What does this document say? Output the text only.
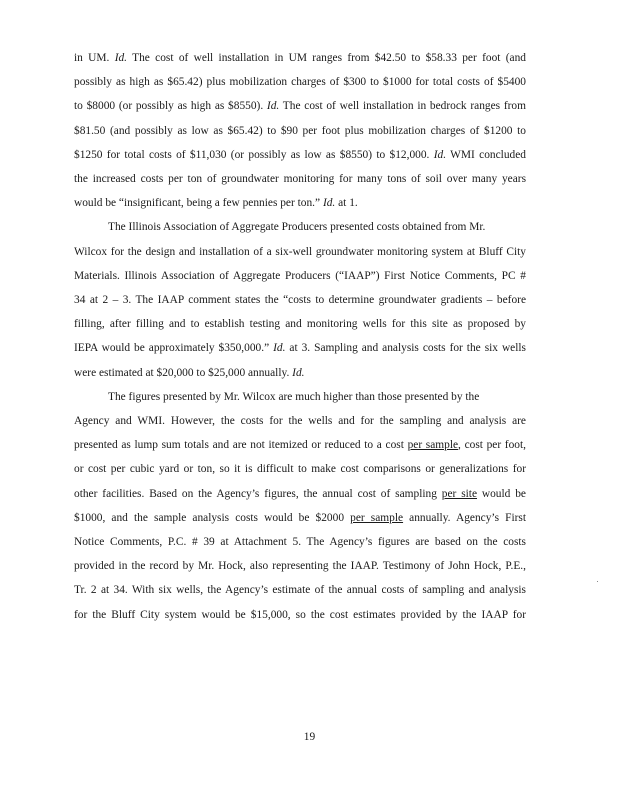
in UM. Id. The cost of well installation in UM ranges from $42.50 to $58.33 per foot (and
possibly as high as $65.42) plus mobilization charges of $300 to $1000 for total costs of $5400
to $8000 (or possibly as high as $8550). Id. The cost of well installation in bedrock ranges from
$81.50 (and possibly as low as $65.42) to $90 per foot plus mobilization charges of $1200 to
$1250 for total costs of $11,030 (or possibly as low as $8550) to $12,000. Id. WMI concluded
the increased costs per ton of groundwater monitoring for many tons of soil over many years
would be “insignificant, being a few pennies per ton.” Id. at 1.

The Illinois Association of Aggregate Producers presented costs obtained from Mr.
Wilcox for the design and installation of a six-well groundwater monitoring system at Bluff City
Materials. Illinois Association of Aggregate Producers (“IAAP”) First Notice Comments, PC #
34 at 2 – 3. The IAAP comment states the “costs to determine groundwater gradients – before
filling, after filling and to establish testing and monitoring wells for this site as proposed by
IEPA would be approximately $350,000.” Id. at 3. Sampling and analysis costs for the six wells
were estimated at $20,000 to $25,000 annually. Id.

The figures presented by Mr. Wilcox are much higher than those presented by the
Agency and WMI. However, the costs for the wells and for the sampling and analysis are
presented as lump sum totals and are not itemized or reduced to a cost per sample, cost per foot,
or cost per cubic yard or ton, so it is difficult to make cost comparisons or generalizations for
other facilities. Based on the Agency’s figures, the annual cost of sampling per site would be
$1000, and the sample analysis costs would be $2000 per sample annually. Agency’s First
Notice Comments, P.C. # 39 at Attachment 5. The Agency’s figures are based on the costs
provided in the record by Mr. Hock, also representing the IAAP. Testimony of John Hock, P.E.,
Tr. 2 at 34. With six wells, the Agency’s estimate of the annual costs of sampling and analysis
for the Bluff City system would be $15,000, so the cost estimates provided by the IAAP for

19
